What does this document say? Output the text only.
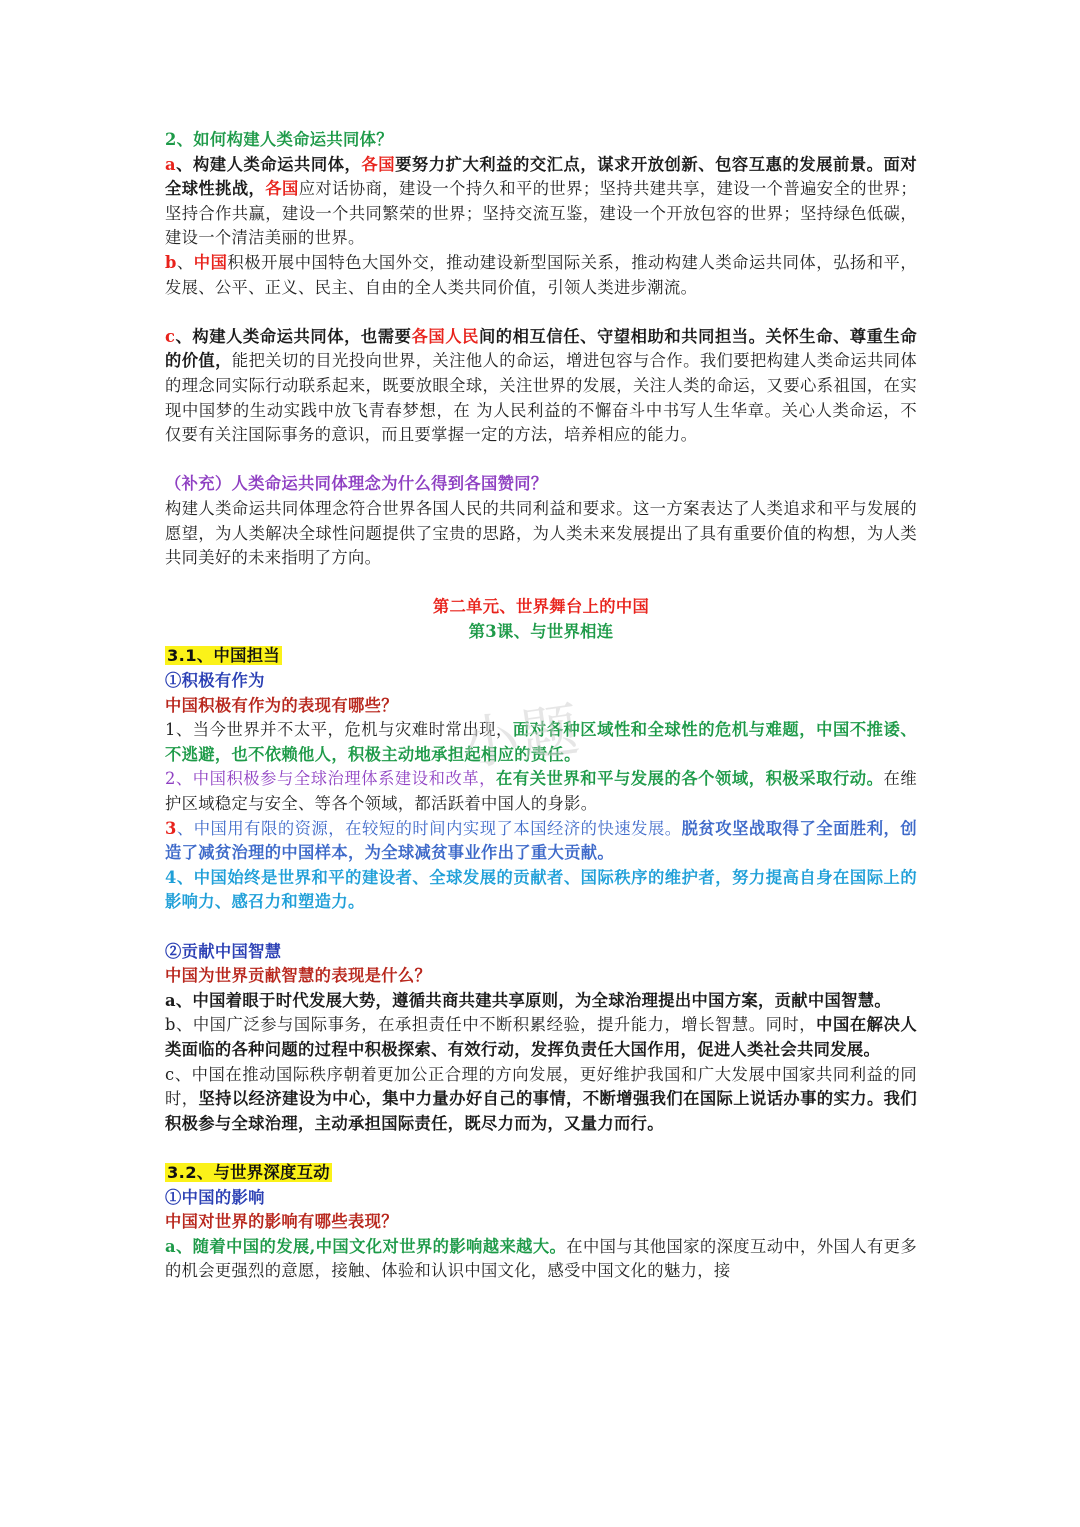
2、如何构建人类命运共同体？

a、构建人类命运共同体，各国要努力扩大利益的交汇点，谋求开放创新、包容互惠的发展前景。面对全球性挑战，各国应对话协商，建设一个持久和平的世界；坚持共建共享，建设一个普遍安全的世界；坚持合作共赢，建设一个共同繁荣的世界；坚持交流互鉴，建设一个开放包容的世界；坚持绿色低碳，建设一个清洁美丽的世界。

b、中国积极开展中国特色大国外交，推动建设新型国际关系，推动构建人类命运共同体，弘扬和平，发展、公平、正义、民主、自由的全人类共同价值，引领人类进步潮流。

c、构建人类命运共同体，也需要各国人民间的相互信任、守望相助和共同担当。关怀生命、尊重生命的价值，能把关切的目光投向世界，关注他人的命运，增进包容与合作。我们要把构建人类命运共同体的理念同实际行动联系起来，既要放眼全球，关注世界的发展，关注人类的命运，又要心系祖国，在实现中国梦的生动实践中放飞青春梦想，在 为人民利益的不懈奋斗中书写人生华章。关心人类命运，不仅要有关注国际事务的意识，而且要掌握一定的方法，培养相应的能力。

（补充）人类命运共同体理念为什么得到各国赞同？

构建人类命运共同体理念符合世界各国人民的共同利益和要求。这一方案表达了人类追求和平与发展的愿望，为人类解决全球性问题提供了宝贵的思路，为人类未来发展提出了具有重要价值的构想，为人类共同美好的未来指明了方向。

第二单元、世界舞台上的中国

第3课、与世界相连

3.1、中国担当

①积极有作为

中国积极有作为的表现有哪些？

1、当今世界并不太平，危机与灾难时常出现，面对各种区域性和全球性的危机与难题，中国不推诿、不逃避，也不依赖他人，积极主动地承担起相应的责任。

2、中国积极参与全球治理体系建设和改革，在有关世界和平与发展的各个领域，积极采取行动。在维护区域稳定与安全、等各个领域，都活跃着中国人的身影。

3、中国用有限的资源，在较短的时间内实现了本国经济的快速发展。脱贫攻坚战取得了全面胜利，创造了减贫治理的中国样本，为全球减贫事业作出了重大贡献。

4、中国始终是世界和平的建设者、全球发展的贡献者、国际秩序的维护者，努力提高自身在国际上的影响力、感召力和塑造力。

②贡献中国智慧

中国为世界贡献智慧的表现是什么？

a、中国着眼于时代发展大势，遵循共商共建共享原则，为全球治理提出中国方案，贡献中国智慧。

b、中国广泛参与国际事务，在承担责任中不断积累经验，提升能力，增长智慧。同时，中国在解决人类面临的各种问题的过程中积极探索、有效行动，发挥负责任大国作用，促进人类社会共同发展。

c、中国在推动国际秩序朝着更加公正合理的方向发展，更好维护我国和广大发展中国家共同利益的同时，坚持以经济建设为中心，集中力量办好自己的事情，不断增强我们在国际上说话办事的实力。我们积极参与全球治理，主动承担国际责任，既尽力而为，又量力而行。

3.2、与世界深度互动

①中国的影响

中国对世界的影响有哪些表现？

a、随着中国的发展,中国文化对世界的影响越来越大。在中国与其他国家的深度互动中，外国人有更多的机会更强烈的意愿，接触、体验和认识中国文化，感受中国文化的魅力，接

小题
